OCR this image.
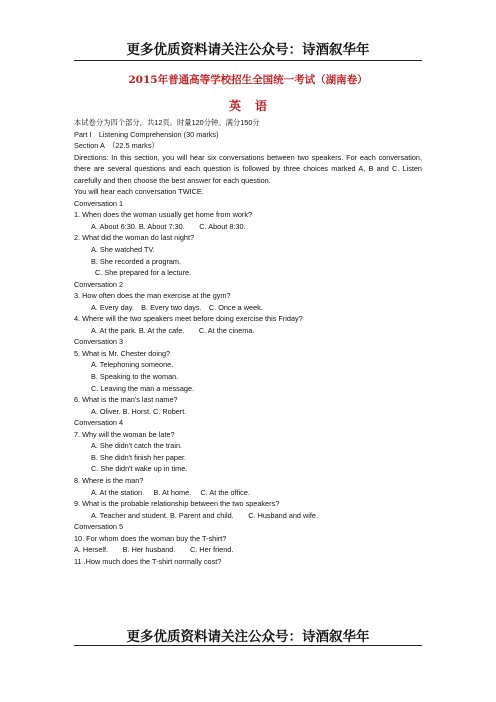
更多优质资料请关注公众号：诗酒叙华年
2015年普通高等学校招生全国统一考试（湖南卷）
英语
本试卷分为四个部分，共12页。时量120分钟。满分150分
Part Ⅰ　Listening Comprehension (30 marks)
Section A　（22.5 marks）
Directions: In this section, you will hear six conversations between two speakers. For each conversation, there are several questions and each question is followed by three choices marked A, B and C. Listen carefully and then choose the best answer for each question.
You will hear each conversation TWICE.
Conversation 1
1. When does the woman usually get home from work?
A. About 6:30. B. About 7:30.　　C. About 8:30.
2. What did the woman do last night?
A. She watched TV.
B. She recorded a program.
C. She prepared for a lecture.
Conversation 2
3. How often does the man exercise at the gym?
A. Every day.　B. Every two days.　C. Once a week.
4. Where will the two speakers meet before doing exercise this Friday?
A. At the park. B. At the cafe.　　C. At the cinema.
Conversation 3
5. What is Mr. Chester doing?
A. Telephoning someone.
B. Speaking to the woman.
C. Leaving the man a message.
6. What is the man's last name?
A. Oliver. B. Horst. C. Robert.
Conversation 4
7. Why will the woman be late?
A. She didn't catch the train.
B. She didn't finish her paper.
C. She didn't wake up in time.
8. Where is the man?
A. At the station.　 B. At home.　 C. At the office.
9. What is the probable relationship between the two speakers?
A. Teacher and student. B. Parent and child.　　C. Husband and wife.
Conversation 5
10. For whom does the woman buy the T-shirt?
A. Herself.　　B. Her husband.　　C. Her friend.
11 .How much does the T-shirt normally cost?
更多优质资料请关注公众号：诗酒叙华年
